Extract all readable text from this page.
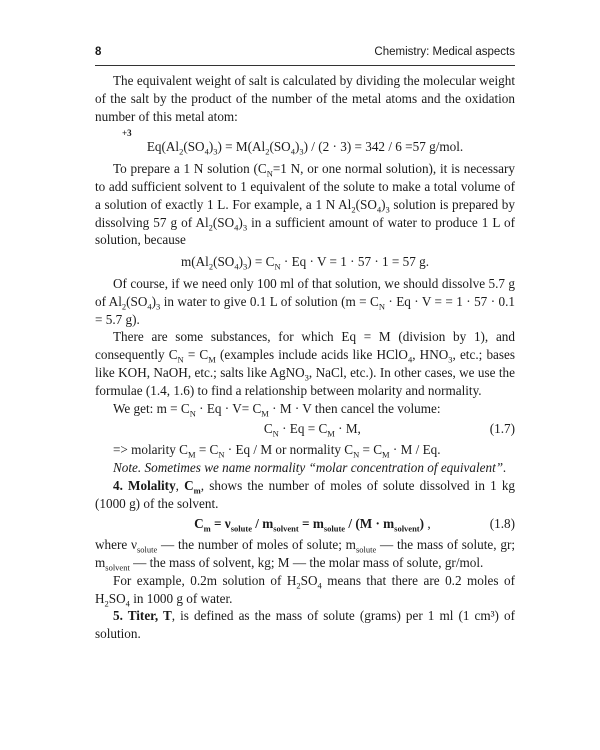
8	Chemistry: Medical aspects

The equivalent weight of salt is calculated by dividing the molecular weight of the salt by the product of the number of the metal atoms and the oxidation number of this metal atom:

+3
$Eq(Al_2(SO_4)_3) = M(Al_2(SO_4)_3) / (2 \cdot 3) = 342 / 6 =57$ g/mol.

To prepare a 1 N solution ($C_N=1$ N, or one normal solution), it is necessary to add sufficient solvent to 1 equivalent of the solute to make a total volume of a solution of exactly 1 L. For example, a 1 N $Al_2(SO_4)_3$ solution is prepared by dissolving 57 g of $Al_2(SO_4)_3$ in a sufficient amount of water to produce 1 L of solution, because

$m(Al_2(SO_4)_3) = C_N \cdot Eq \cdot V = 1 \cdot 57 \cdot 1 = 57$ g.

Of course, if we need only 100 ml of that solution, we should dissolve 5.7 g of $Al_2(SO_4)_3$ in water to give 0.1 L of solution ($m = C_N \cdot Eq \cdot V$ = = 1 · 57 · 0.1 = 5.7 g).

There are some substances, for which Eq = M (division by 1), and consequently $C_N = C_M$ (examples include acids like HClO$_4$, $HNO_3$, etc.; bases like KOH, NaOH, etc.; salts like AgNO$_3$, NaCl, etc.). In other cases, we use the formulae (1.4, 1.6) to find a relationship between molarity and normality.

We get: $m = C_N \cdot Eq \cdot V= C_M \cdot M \cdot V$ then cancel the volume:

$C_N \cdot Eq = C_M \cdot M$,	(1.7)

=> molarity $C_M = C_N \cdot Eq / M$ or normality $C_N = C_M \cdot M / Eq$.

Note. Sometimes we name normality “molar concentration of equivalent”.

4. Molality, $C_m$, shows the number of moles of solute dissolved in 1 kg (1000 g) of the solvent.

$C_m = \nu_{solute} / m_{solvent} = m_{solute} / (M \cdot m_{solvent})$ ,	(1.8)

where $\nu_{solute}$ — the number of moles of solute; $m_{solute}$ — the mass of solute, gr; $m_{solvent}$ — the mass of solvent, kg; M — the molar mass of solute, gr/mol.

For example, 0.2m solution of $H_2SO_4$ means that there are 0.2 moles of $H_2SO_4$ in 1000 g of water.

5. Titer, T, is defined as the mass of solute (grams) per 1 ml (1 cm³) of solution.
